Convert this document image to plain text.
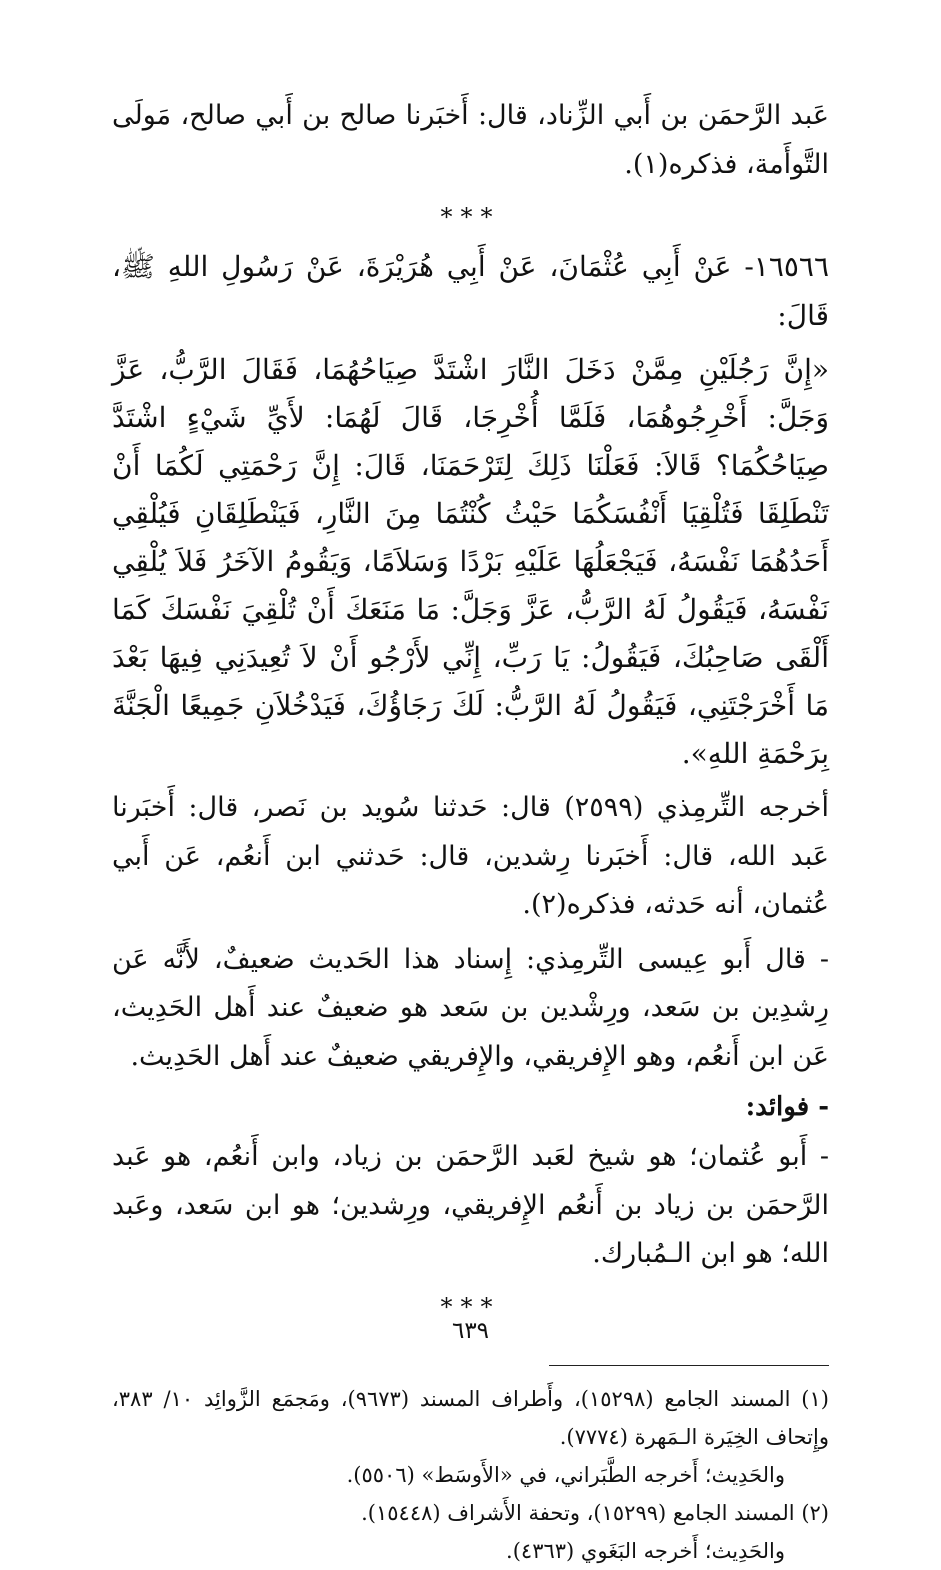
عَبد الرَّحمَن بن أَبي الزِّناد، قال: أَخبَرنا صالح بن أَبي صالح، مَولَى التَّوأَمة، فذكره(١).

***

١٦٥٦٦- عَنْ أَبِي عُثْمَانَ، عَنْ أَبِي هُرَيْرَةَ، عَنْ رَسُولِ اللهِ ﷺ، قَالَ:

«إِنَّ رَجُلَيْنِ مِمَّنْ دَخَلَ النَّارَ اشْتَدَّ صِيَاحُهُمَا، فَقَالَ الرَّبُّ، عَزَّ وَجَلَّ: أَخْرِجُوهُمَا، فَلَمَّا أُخْرِجَا، قَالَ لَهُمَا: لأَيِّ شَيْءٍ اشْتَدَّ صِيَاحُكُمَا؟ قَالاَ: فَعَلْنَا ذَلِكَ لِتَرْحَمَنَا، قَالَ: إِنَّ رَحْمَتِي لَكُمَا أَنْ تَنْطَلِقَا فَتُلْقِيَا أَنْفُسَكُمَا حَيْثُ كُنْتُمَا مِنَ النَّارِ، فَيَنْطَلِقَانِ فَيُلْقِي أَحَدُهُمَا نَفْسَهُ، فَيَجْعَلُهَا عَلَيْهِ بَرْدًا وَسَلاَمًا، وَيَقُومُ الآخَرُ فَلاَ يُلْقِي نَفْسَهُ، فَيَقُولُ لَهُ الرَّبُّ، عَزَّ وَجَلَّ: مَا مَنَعَكَ أَنْ تُلْقِيَ نَفْسَكَ كَمَا أَلْقَى صَاحِبُكَ، فَيَقُولُ: يَا رَبِّ، إِنِّي لأَرْجُو أَنْ لاَ تُعِيدَنِي فِيهَا بَعْدَ مَا أَخْرَجْتَنِي، فَيَقُولُ لَهُ الرَّبُّ: لَكَ رَجَاؤُكَ، فَيَدْخُلاَنِ جَمِيعًا الْجَنَّةَ بِرَحْمَةِ اللهِ».

أخرجه التِّرمِذي (٢٥٩٩) قال: حَدثنا سُويد بن نَصر، قال: أَخبَرنا عَبد الله، قال: أَخبَرنا رِشدين، قال: حَدثني ابن أَنعُم، عَن أَبي عُثمان، أنه حَدثه، فذكره(٢).

- قال أَبو عِيسى التِّرمِذي: إِسناد هذا الحَديث ضعيفٌ، لأَنَّه عَن رِشدِين بن سَعد، ورِشْدين بن سَعد هو ضعيفٌ عند أَهل الحَدِيث، عَن ابن أَنعُم، وهو الإِفريقي، والإِفريقي ضعيفٌ عند أَهل الحَدِيث.

- فوائد:

- أَبو عُثمان؛ هو شيخ لعَبد الرَّحمَن بن زياد، وابن أَنعُم، هو عَبد الرَّحمَن بن زياد بن أَنعُم الإِفريقي، ورِشدين؛ هو ابن سَعد، وعَبد الله؛ هو ابن الـمُبارك.

***

(١) المسند الجامع (١٥٢٩٨)، وأَطراف المسند (٩٦٧٣)، ومَجمَع الزَّوائِد ١٠/ ٣٨٣، وإِتحاف الخِيَرة الـمَهرة (٧٧٧٤).

والحَدِيث؛ أَخرجه الطَّبَراني، في «الأَوسَط» (٥٥٠٦).

(٢) المسند الجامع (١٥٢٩٩)، وتحفة الأَشراف (١٥٤٤٨).

والحَدِيث؛ أَخرجه البَغَوي (٤٣٦٣).

٦٣٩
